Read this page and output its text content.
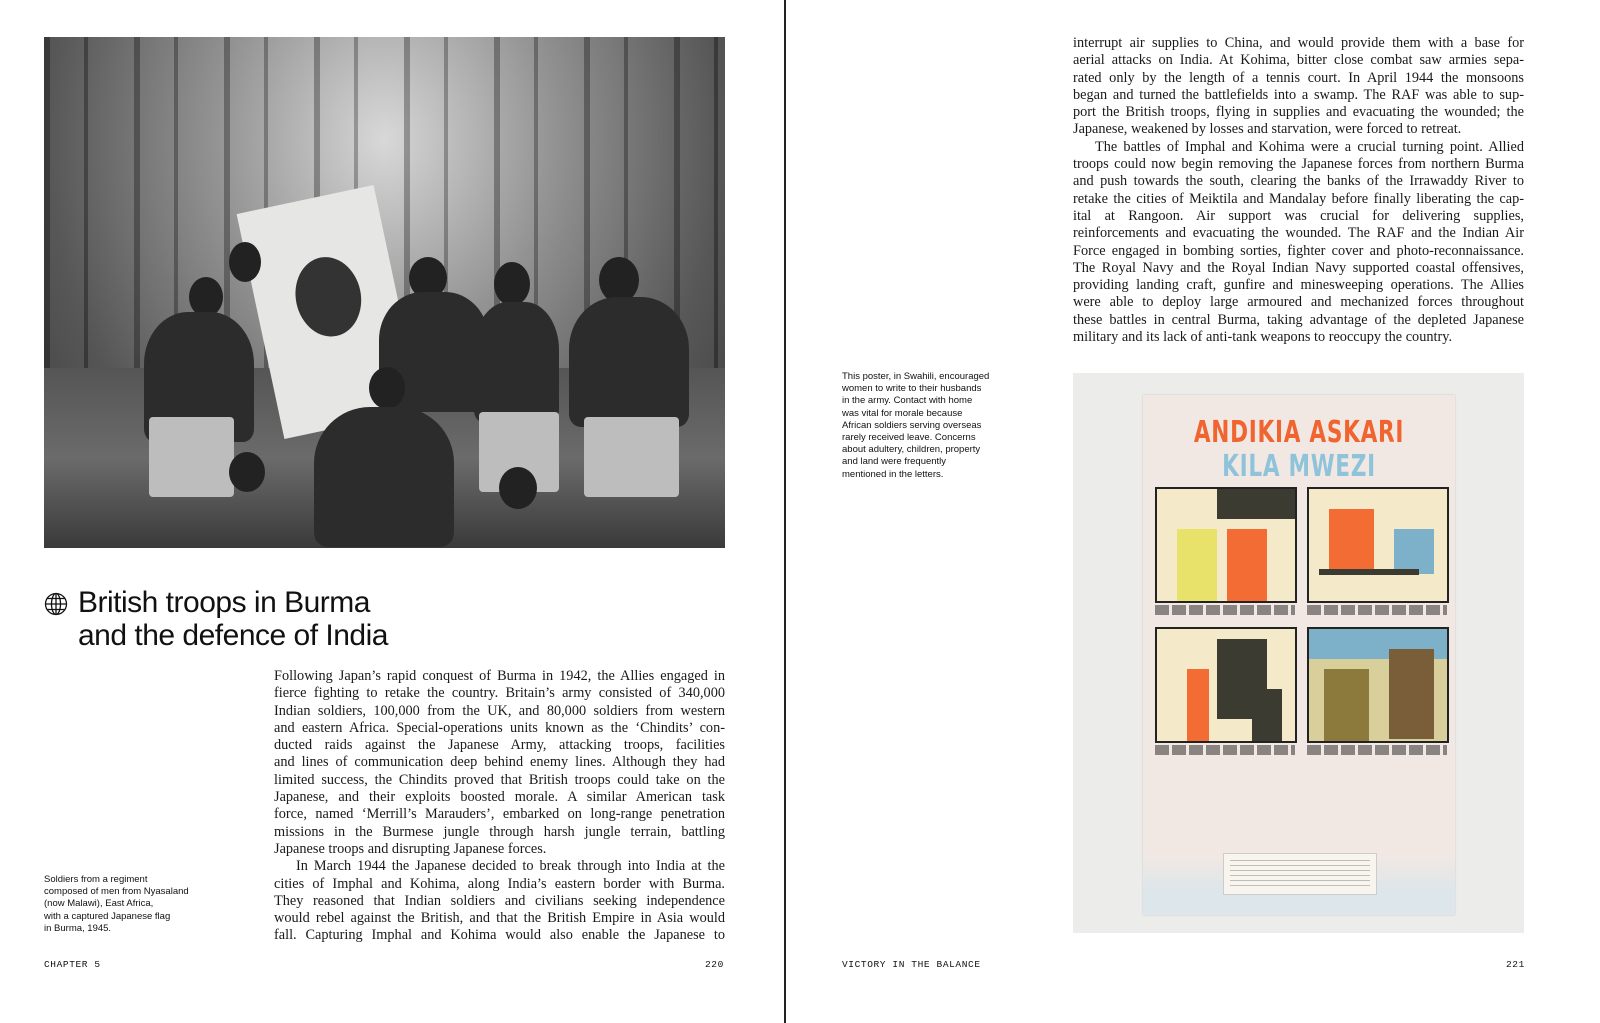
British troops in Burma
and the defence of India
Following Japan’s rapid conquest of Burma in 1942, the Allies engaged in
fierce fighting to retake the country. Britain’s army consisted of 340,000
Indian soldiers, 100,000 from the UK, and 80,000 soldiers from western
and eastern Africa. Special-operations units known as the ‘Chindits’ con-
ducted raids against the Japanese Army, attacking troops, facilities
and lines of communication deep behind enemy lines. Although they had
limited success, the Chindits proved that British troops could take on the
Japanese, and their exploits boosted morale. A similar American task
force, named ‘Merrill’s Marauders’, embarked on long-range penetration
missions in the Burmese jungle through harsh jungle terrain, battling
Japanese troops and disrupting Japanese forces.
In March 1944 the Japanese decided to break through into India at the
cities of Imphal and Kohima, along India’s eastern border with Burma.
They reasoned that Indian soldiers and civilians seeking independence
would rebel against the British, and that the British Empire in Asia would
fall. Capturing Imphal and Kohima would also enable the Japanese to
Soldiers from a regiment
composed of men from Nyasaland
(now Malawi), East Africa,
with a captured Japanese flag
in Burma, 1945.
CHAPTER 5	220
interrupt air supplies to China, and would provide them with a base for
aerial attacks on India. At Kohima, bitter close combat saw armies sepa-
rated only by the length of a tennis court. In April 1944 the monsoons
began and turned the battlefields into a swamp. The RAF was able to sup-
port the British troops, flying in supplies and evacuating the wounded; the
Japanese, weakened by losses and starvation, were forced to retreat.
The battles of Imphal and Kohima were a crucial turning point. Allied
troops could now begin removing the Japanese forces from northern Burma
and push towards the south, clearing the banks of the Irrawaddy River to
retake the cities of Meiktila and Mandalay before finally liberating the cap-
ital at Rangoon. Air support was crucial for delivering supplies,
reinforcements and evacuating the wounded. The RAF and the Indian Air
Force engaged in bombing sorties, fighter cover and photo-reconnaissance.
The Royal Navy and the Royal Indian Navy supported coastal offensives,
providing landing craft, gunfire and minesweeping operations. The Allies
were able to deploy large armoured and mechanized forces throughout
these battles in central Burma, taking advantage of the depleted Japanese
military and its lack of anti-tank weapons to reoccupy the country.
This poster, in Swahili, encouraged
women to write to their husbands
in the army. Contact with home
was vital for morale because
African soldiers serving overseas
rarely received leave. Concerns
about adultery, children, property
and land were frequently
mentioned in the letters.
ANDIKIA ASKARI
KILA MWEZI
VICTORY IN THE BALANCE	221
